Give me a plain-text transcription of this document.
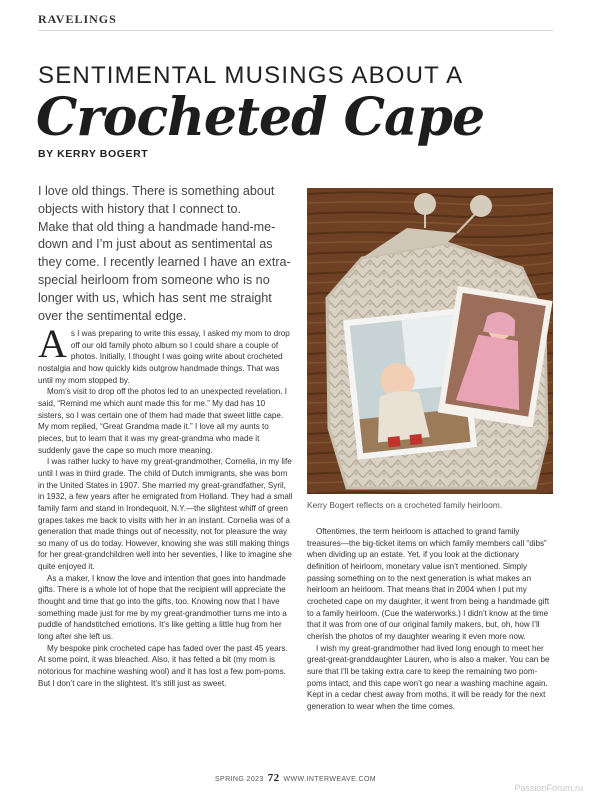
RAVELINGS
SENTIMENTAL MUSINGS ABOUT A
Crocheted Cape
BY KERRY BOGERT

I love old things. There is something about objects with history that I connect to.

Make that old thing a handmade hand-me-down and I’m just about as sentimental as they come. I recently learned I have an extra-special heirloom from someone who is no longer with us, which has sent me straight over the sentimental edge.

As I was preparing to write this essay, I asked my mom to drop off our old family photo album so I could share a couple of photos. Initially, I thought I was going write about crocheted nostalgia and how quickly kids outgrow handmade things. That was until my mom stopped by.

Mom’s visit to drop off the photos led to an unexpected revelation. I said, “Remind me which aunt made this for me.” My dad has 10 sisters, so I was certain one of them had made that sweet little cape. My mom replied, “Great Grandma made it.” I love all my aunts to pieces, but to learn that it was my great-grandma who made it suddenly gave the cape so much more meaning.

I was rather lucky to have my great-grandmother, Cornelia, in my life until I was in third grade. The child of Dutch immigrants, she was born in the United States in 1907. She married my great-grandfather, Syril, in 1932, a few years after he emigrated from Holland. They had a small family farm and stand in Irondequoit, N.Y.—the slightest whiff of green grapes takes me back to visits with her in an instant. Cornelia was of a generation that made things out of necessity, not for pleasure the way so many of us do today. However, knowing she was still making things for her great-grandchildren well into her seventies, I like to imagine she quite enjoyed it.

As a maker, I know the love and intention that goes into handmade gifts. There is a whole lot of hope that the recipient will appreciate the thought and time that go into the gifts, too. Knowing now that I have something made just for me by my great-grandmother turns me into a puddle of handstitched emotions. It’s like getting a little hug from her long after she left us.

My bespoke pink crocheted cape has faded over the past 45 years. At some point, it was bleached. Also, it has felted a bit (my mom is notorious for machine washing wool) and it has lost a few pom-poms. But I don’t care in the slightest. It’s still just as sweet.

Kerry Bogert reflects on a crocheted family heirloom.

Oftentimes, the term heirloom is attached to grand family treasures—the big-ticket items on which family members call “dibs” when dividing up an estate. Yet, if you look at the dictionary definition of heirloom, monetary value isn’t mentioned. Simply passing something on to the next generation is what makes an heirloom an heirloom. That means that in 2004 when I put my crocheted cape on my daughter, it went from being a handmade gift to a family heirloom. (Cue the waterworks.) I didn’t know at the time that it was from one of our original family makers, but, oh, how I’ll cherish the photos of my daughter wearing it even more now.

I wish my great-grandmother had lived long enough to meet her great-great-granddaughter Lauren, who is also a maker. You can be sure that I’ll be taking extra care to keep the remaining two pom-poms intact, and this cape won’t go near a washing machine again. Kept in a cedar chest away from moths, it will be ready for the next generation to wear when the time comes.

SPRING 2023 72 WWW.INTERWEAVE.COM
PassionForum.ru
